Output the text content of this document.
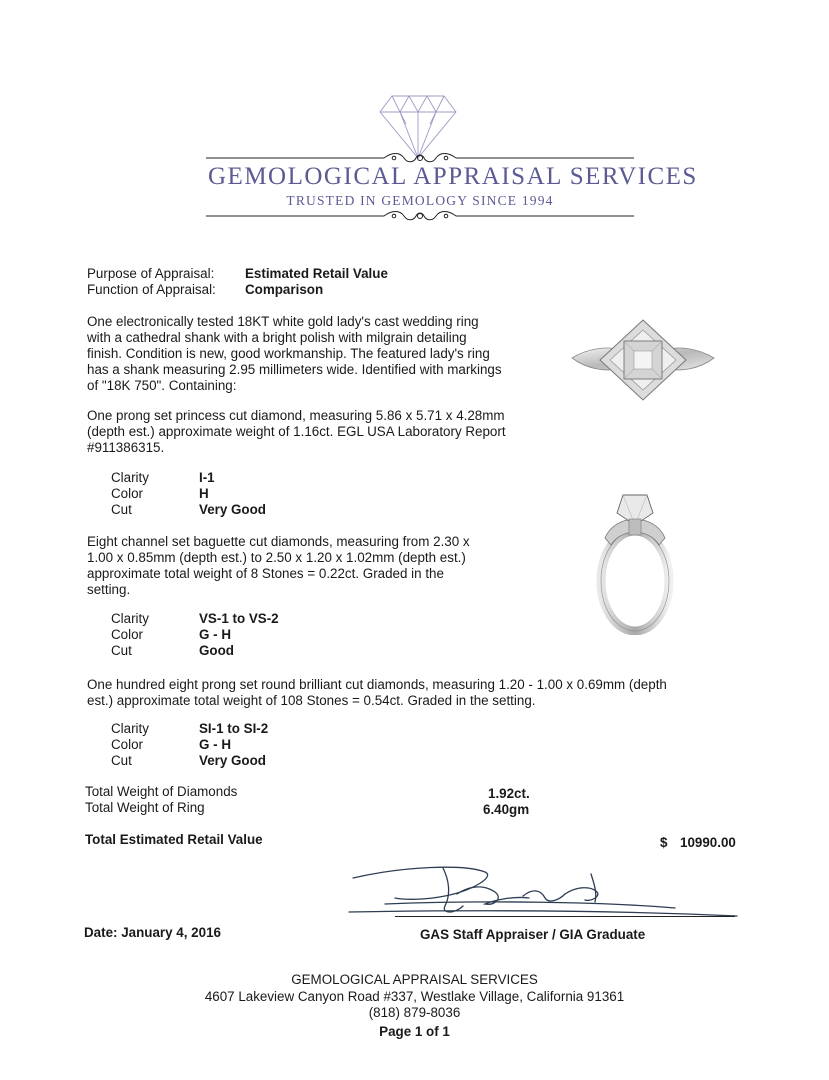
GEMOLOGICAL APPRAISAL SERVICES
TRUSTED IN GEMOLOGY SINCE 1994
Purpose of Appraisal: Estimated Retail Value
Function of Appraisal: Comparison
One electronically tested 18KT white gold lady's cast wedding ring with a cathedral shank with a bright polish with milgrain detailing finish. Condition is new, good workmanship. The featured lady's ring has a shank measuring 2.95 millimeters wide. Identified with markings of "18K 750". Containing:
One prong set princess cut diamond, measuring 5.86 x 5.71 x 4.28mm (depth est.) approximate weight of 1.16ct. EGL USA Laboratory Report #911386315.
Clarity	I-1
Color	H
Cut	Very Good
Eight channel set baguette cut diamonds, measuring from 2.30 x 1.00 x 0.85mm (depth est.) to 2.50 x 1.20 x 1.02mm (depth est.) approximate total weight of 8 Stones = 0.22ct. Graded in the setting.
Clarity	VS-1 to VS-2
Color	G - H
Cut	Good
One hundred eight prong set round brilliant cut diamonds, measuring 1.20 - 1.00 x 0.69mm (depth est.) approximate total weight of 108 Stones = 0.54ct. Graded in the setting.
Clarity	SI-1 to SI-2
Color	G - H
Cut	Very Good
Total Weight of Diamonds	1.92ct.
Total Weight of Ring	6.40gm
Total Estimated Retail Value	$ 10990.00
Date: January 4, 2016	GAS Staff Appraiser / GIA Graduate
GEMOLOGICAL APPRAISAL SERVICES
4607 Lakeview Canyon Road #337, Westlake Village, California 91361
(818) 879-8036
Page 1 of 1
